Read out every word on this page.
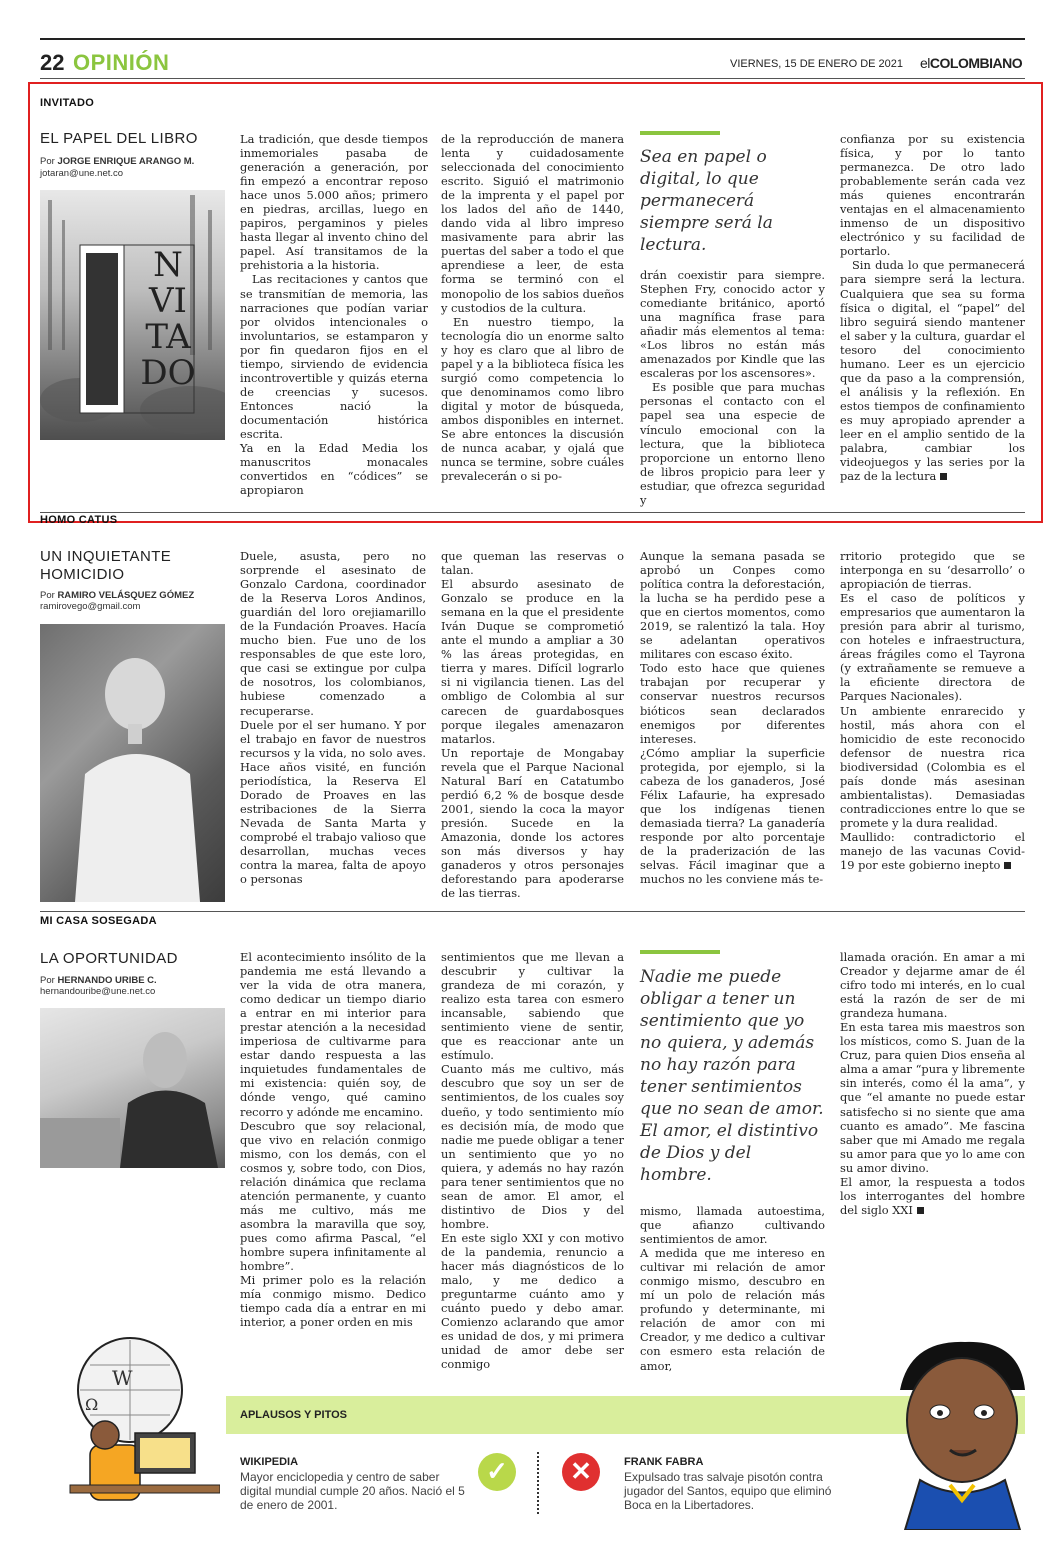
22 OPINIÓN	VIERNES, 15 DE ENERO DE 2021 elCOLOMBIANO
INVITADO
EL PAPEL DEL LIBRO
Por JORGE ENRIQUE ARANGO M.
jotaran@une.net.co
N
VI
TA
DO

La tradición, que desde tiempos inmemoriales pasaba de generación a generación, por fin empezó a encontrar reposo hace unos 5.000 años; primero en piedras, arcillas, luego en papiros, pergaminos y pieles hasta llegar al invento chino del papel. Así transitamos de la prehistoria a la historia.

Las recitaciones y cantos que se transmitían de memoria, las narraciones que podían variar por olvidos intencionales o involuntarios, se estamparon y por fin quedaron fijos en el tiempo, sirviendo de evidencia incontrovertible y quizás eterna de creencias y sucesos. Entonces nació la documentación histórica escrita.

Ya en la Edad Media los manuscritos monacales convertidos en “códices” se apropiaron

de la reproducción de manera lenta y cuidadosamente seleccionada del conocimiento escrito. Siguió el matrimonio de la imprenta y el papel por los lados del año de 1440, dando vida al libro impreso masivamente para abrir las puertas del saber a todo el que aprendiese a leer, de esta forma se terminó con el monopolio de los sabios dueños y custodios de la cultura.

En nuestro tiempo, la tecnología dio un enorme salto y hoy es claro que al libro de papel y a la biblioteca física les surgió como competencia lo que denominamos como libro digital y motor de búsqueda, ambos disponibles en internet. Se abre entonces la discusión de nunca acabar, y ojalá que nunca se termine, sobre cuáles prevalecerán o si po-

Sea en papel o digital, lo que permanecerá siempre será la lectura.

drán coexistir para siempre. Stephen Fry, conocido actor y comediante británico, aportó una magnífica frase para añadir más elementos al tema: «Los libros no están más amenazados por Kindle que las escaleras por los ascensores».

Es posible que para muchas personas el contacto con el papel sea una especie de vínculo emocional con la lectura, que la biblioteca proporcione un entorno lleno de libros propicio para leer y estudiar, que ofrezca seguridad y

confianza por su existencia física, y por lo tanto permanezca. De otro lado probablemente serán cada vez más quienes encontrarán ventajas en el almacenamiento inmenso de un dispositivo electrónico y su facilidad de portarlo.

Sin duda lo que permanecerá para siempre será la lectura. Cualquiera que sea su forma física o digital, el “papel” del libro seguirá siendo mantener el saber y la cultura, guardar el tesoro del conocimiento humano. Leer es un ejercicio que da paso a la comprensión, el análisis y la reflexión. En estos tiempos de confinamiento es muy apropiado aprender a leer en el amplio sentido de la palabra, cambiar los videojuegos y las series por la paz de la lectura

HOMO CATUS
UN INQUIETANTE HOMICIDIO
Por RAMIRO VELÁSQUEZ GÓMEZ
ramirovego@gmail.com

Duele, asusta, pero no sorprende el asesinato de Gonzalo Cardona, coordinador de la Reserva Loros Andinos, guardián del loro orejiamarillo de la Fundación Proaves. Hacía mucho bien. Fue uno de los responsables de que este loro, que casi se extingue por culpa de nosotros, los colombianos, hubiese comenzado a recuperarse.

Duele por el ser humano. Y por el trabajo en favor de nuestros recursos y la vida, no solo aves. Hace años visité, en función periodística, la Reserva El Dorado de Proaves en las estribaciones de la Sierra Nevada de Santa Marta y comprobé el trabajo valioso que desarrollan, muchas veces contra la marea, falta de apoyo o personas

que queman las reservas o talan.

El absurdo asesinato de Gonzalo se produce en la semana en la que el presidente Iván Duque se comprometió ante el mundo a ampliar a 30 % las áreas protegidas, en tierra y mares. Difícil lograrlo si ni vigilancia tienen. Las del ombligo de Colombia al sur carecen de guardabosques porque ilegales amenazaron matarlos.

Un reportaje de Mongabay revela que el Parque Nacional Natural Barí en Catatumbo perdió 6,2 % de bosque desde 2001, siendo la coca la mayor presión. Sucede en la Amazonia, donde los actores son más diversos y hay ganaderos y otros personajes deforestando para apoderarse de las tierras.

Aunque la semana pasada se aprobó un Conpes como política contra la deforestación, la lucha se ha perdido pese a que en ciertos momentos, como 2019, se ralentizó la tala. Hoy se adelantan operativos militares con escaso éxito.

Todo esto hace que quienes trabajan por recuperar y conservar nuestros recursos bióticos sean declarados enemigos por diferentes intereses.

¿Cómo ampliar la superficie protegida, por ejemplo, si la cabeza de los ganaderos, José Félix Lafaurie, ha expresado que los indígenas tienen demasiada tierra? La ganadería responde por alto porcentaje de la praderización de las selvas. Fácil imaginar que a muchos no les conviene más te-

rritorio protegido que se interponga en su ‘desarrollo’ o apropiación de tierras.

Es el caso de políticos y empresarios que aumentaron la presión para abrir al turismo, con hoteles e infraestructura, áreas frágiles como el Tayrona (y extrañamente se remueve a la eficiente directora de Parques Nacionales).

Un ambiente enrarecido y hostil, más ahora con el homicidio de este reconocido defensor de nuestra rica biodiversidad (Colombia es el país donde más asesinan ambientalistas). Demasiadas contradicciones entre lo que se promete y la dura realidad.

Maullido: contradictorio el manejo de las vacunas Covid-19 por este gobierno inepto

MI CASA SOSEGADA
LA OPORTUNIDAD
Por HERNANDO URIBE C.
hernandouribe@une.net.co

El acontecimiento insólito de la pandemia me está llevando a ver la vida de otra manera, como dedicar un tiempo diario a entrar en mi interior para prestar atención a la necesidad imperiosa de cultivarme para estar dando respuesta a las inquietudes fundamentales de mi existencia: quién soy, de dónde vengo, qué camino recorro y adónde me encamino.

Descubro que soy relacional, que vivo en relación conmigo mismo, con los demás, con el cosmos y, sobre todo, con Dios, relación dinámica que reclama atención permanente, y cuanto más me cultivo, más me asombra la maravilla que soy, pues como afirma Pascal, “el hombre supera infinitamente al hombre”.

Mi primer polo es la relación mía conmigo mismo. Dedico tiempo cada día a entrar en mi interior, a poner orden en mis

sentimientos que me llevan a descubrir y cultivar la grandeza de mi corazón, y realizo esta tarea con esmero incansable, sabiendo que sentimiento viene de sentir, que es reaccionar ante un estímulo.

Cuanto más me cultivo, más descubro que soy un ser de sentimientos, de los cuales soy dueño, y todo sentimiento mío es decisión mía, de modo que nadie me puede obligar a tener un sentimiento que yo no quiera, y además no hay razón para tener sentimientos que no sean de amor. El amor, el distintivo de Dios y del hombre.

En este siglo XXI y con motivo de la pandemia, renuncio a hacer más diagnósticos de lo malo, y me dedico a preguntarme cuánto amo y cuánto puedo y debo amar. Comienzo aclarando que amor es unidad de dos, y mi primera unidad de amor debe ser conmigo

Nadie me puede obligar a tener un sentimiento que yo no quiera, y además no hay razón para tener sentimientos que no sean de amor. El amor, el distintivo de Dios y del hombre.

mismo, llamada autoestima, que afianzo cultivando sentimientos de amor.

A medida que me intereso en cultivar mi relación de amor conmigo mismo, descubro en mí un polo de relación más profundo y determinante, mi relación de amor con mi Creador, y me dedico a cultivar con esmero esta relación de amor,

llamada oración. En amar a mi Creador y dejarme amar de él cifro todo mi interés, en lo cual está la razón de ser de mi grandeza humana.

En esta tarea mis maestros son los místicos, como S. Juan de la Cruz, para quien Dios enseña al alma a amar “pura y libremente sin interés, como él la ama”, y que “el amante no puede estar satisfecho si no siente que ama cuanto es amado”. Me fascina saber que mi Amado me regala su amor para que yo lo ame con su amor divino.

El amor, la respuesta a todos los interrogantes del hombre del siglo XXI

APLAUSOS Y PITOS
W
Ω
WIKIPEDIA
Mayor enciclopedia y centro de saber digital mundial cumple 20 años. Nació el 5 de enero de 2001.
✓	✕	FRANK FABRA
Expulsado tras salvaje pisotón contra jugador del Santos, equipo que eliminó Boca en la Libertadores.
